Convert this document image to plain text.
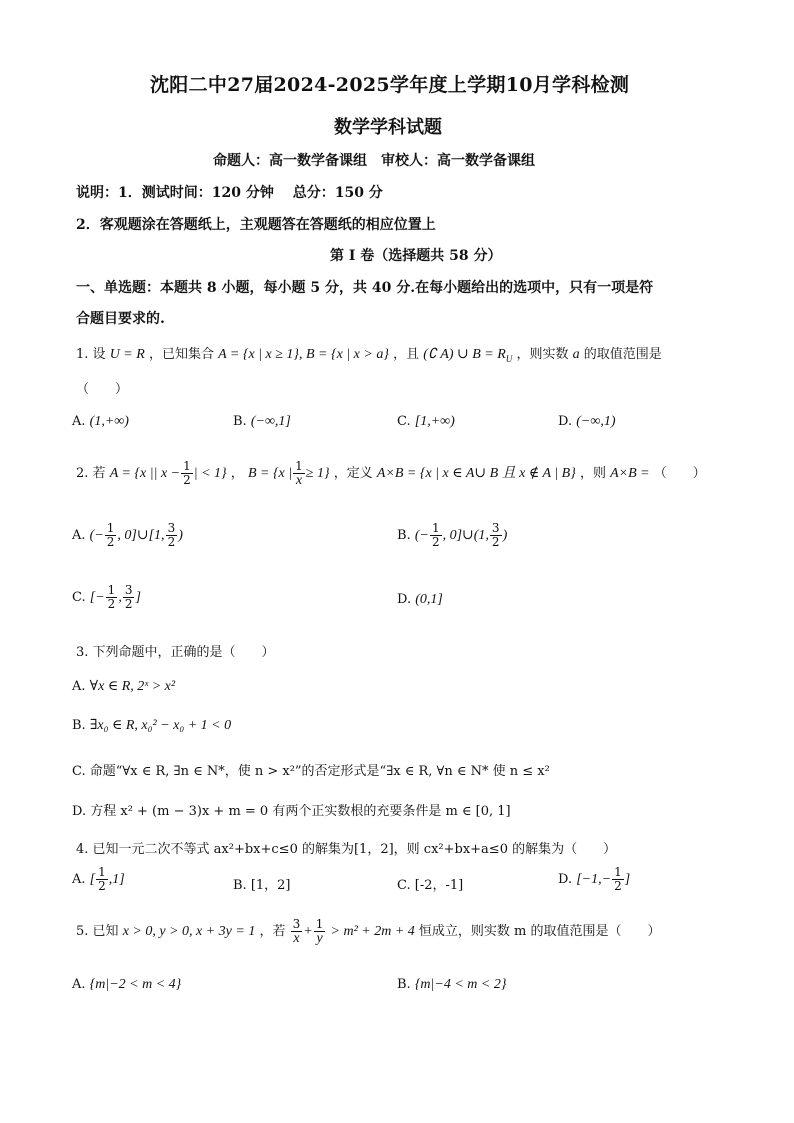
沈阳二中27届2024-2025学年度上学期10月学科检测
数学学科试题
命题人：高一数学备课组　审校人：高一数学备课组
说明：1．测试时间：120 分钟　 总分：150 分
2．客观题涂在答题纸上，主观题答在答题纸的相应位置上
第 I 卷（选择题共 58 分）
一、单选题：本题共 8 小题，每小题 5 分，共 40 分.在每小题给出的选项中，只有一项是符
合题目要求的.
1. 设 U = R ，已知集合 A = {x | x ≥ 1}, B = {x | x > a} ，且 (∁ A) ∪ $B = R_U$ ，则实数 a 的取值范围是
（　　）
A. (1,+∞)	B. (−∞,1]	C. [1,+∞)	D. (−∞,1)
2. 若 A = {x || $x - \frac{1}{2}$ | < 1} ， B = {x | $\frac{1}{x} \ge 1$} ，定义 A×B = {x | x ∈ A∪ B 且 x ∉ A | B} ，则 A×B = （　　）
A. (− $\frac{1}{2}$ , 0]∪[1, $\frac{3}{2}$ )	B. (− $\frac{1}{2}$ , 0]∪(1, $\frac{3}{2}$ )
C. [− $\frac{1}{2}$ , $\frac{3}{2}$ ]	D. (0,1]
3. 下列命题中，正确的是（　　）
A. ∀x ∈ R, 2ˣ > x²
B. ∃x₀ ∈ R, x₀² − x₀ + 1 < 0
C. 命题“∀x ∈ R, ∃n ∈ N*，使 n > x²”的否定形式是“∃x ∈ R, ∀n ∈ N* 使 n ≤ x²
D. 方程 x² + (m − 3)x + m = 0 有两个正实数根的充要条件是 m ∈ [0, 1]
4. 已知一元二次不等式 ax²+bx+c≤0 的解集为[1，2]，则 cx²+bx+a≤0 的解集为（　　）
A. [ $\frac{1}{2} ,1$]	B. [1，2]	C. [-2，-1]	D. [$-1,- \frac{1}{2}$ ]
5. 已知 x > 0, y > 0, x + 3y = 1 ，若 $\frac{3}{x} + \frac{1}{y} > m^2 + 2m + 4$ 恒成立，则实数 m 的取值范围是（　　）
A. {m|−2 < m < 4}	B. {m|−4 < m < 2}
